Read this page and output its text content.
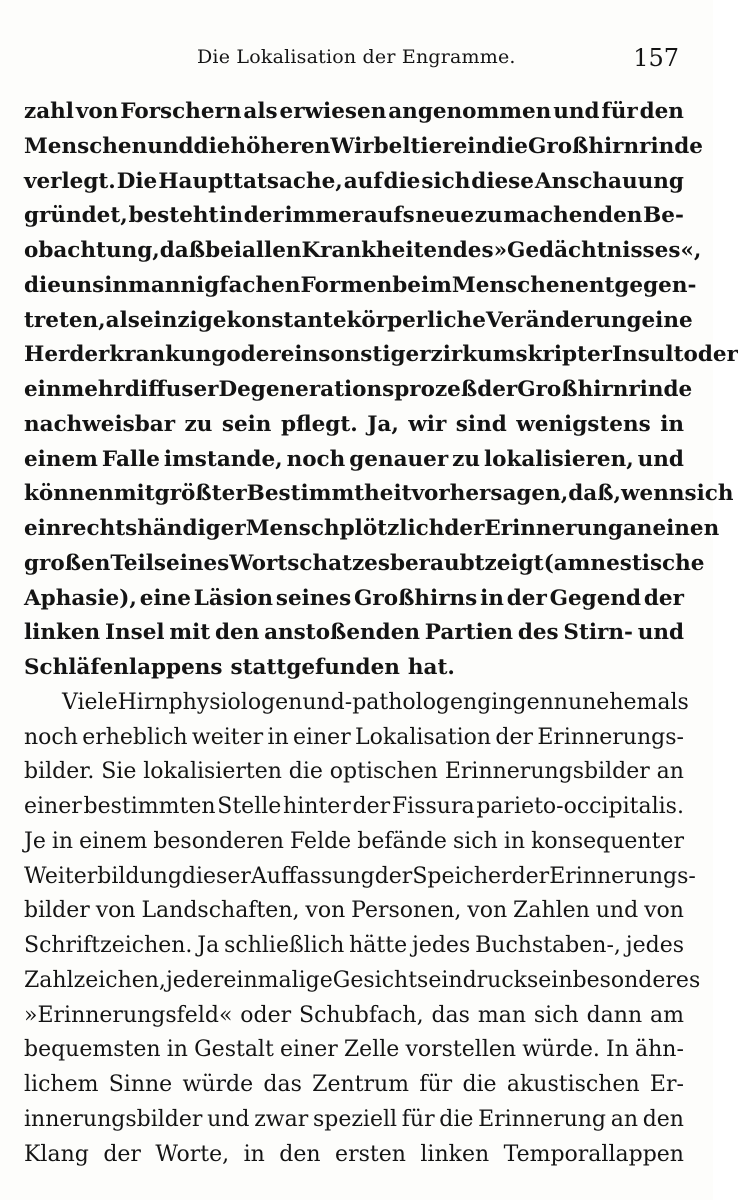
Die Lokalisation der Engramme.	157
zahl von Forschern als erwiesen angenommen und für den
Menschen und die höheren Wirbeltiere in die Großhirnrinde
verlegt. Die Haupttatsache, auf die sich diese Anschauung
gründet, besteht in der immer aufs neue zu machenden Be-
obachtung, daß bei allen Krankheiten des »Gedächtnisses«,
die uns in mannigfachen Formen beim Menschen entgegen-
treten, als einzige konstante körperliche Veränderung eine
Herderkrankung oder ein sonstiger zirkumskripter Insult oder
ein mehr diffuser Degenerationsprozeß der Großhirnrinde
nachweisbar zu sein pflegt. Ja, wir sind wenigstens in
einem Falle imstande, noch genauer zu lokalisieren, und
können mit größter Bestimmtheit vorhersagen, daß, wenn sich
ein rechtshändiger Mensch plötzlich der Erinnerung an einen
großen Teil seines Wortschatzes beraubt zeigt (amnestische
Aphasie), eine Läsion seines Großhirns in der Gegend der
linken Insel mit den anstoßenden Partien des Stirn- und
Schläfenlappens stattgefunden hat.
Viele Hirnphysiologen und -pathologen gingen nun ehemals
noch erheblich weiter in einer Lokalisation der Erinnerungs-
bilder. Sie lokalisierten die optischen Erinnerungsbilder an
einer bestimmten Stelle hinter der Fissura parieto-occipitalis.
Je in einem besonderen Felde befände sich in konsequenter
Weiterbildung dieser Auffassung der Speicher der Erinnerungs-
bilder von Landschaften, von Personen, von Zahlen und von
Schriftzeichen. Ja schließlich hätte jedes Buchstaben-, jedes
Zahlzeichen, jeder einmalige Gesichtseindruck sein besonderes
»Erinnerungsfeld« oder Schubfach, das man sich dann am
bequemsten in Gestalt einer Zelle vorstellen würde. In ähn-
lichem Sinne würde das Zentrum für die akustischen Er-
innerungsbilder und zwar speziell für die Erinnerung an den
Klang der Worte, in den ersten linken Temporallappen
